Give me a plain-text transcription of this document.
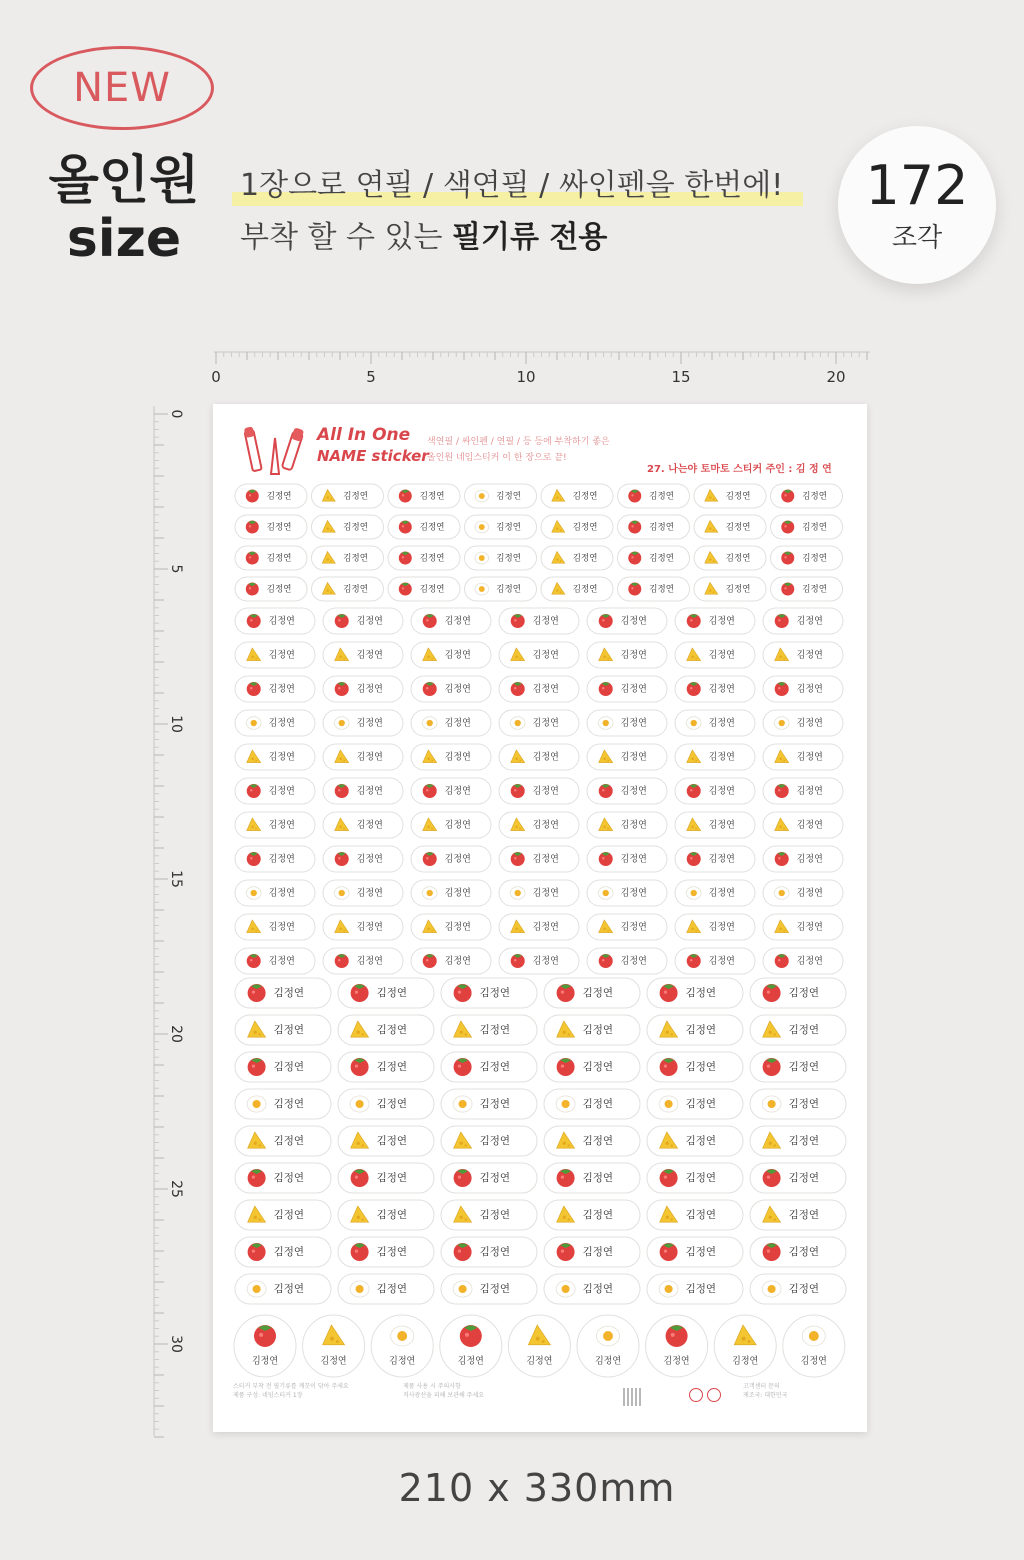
NEW
올인원
size
1장으로 연필 / 색연필 / 싸인펜을 한번에!
부착 할 수 있는 필기류 전용
172
조각
0	5	10	15	20
0
5
10
15
20
25
30
All In One
NAME sticker
색연필 / 싸인펜 / 연필 / 등 등에 부착하기 좋은
올인원 네임스티커 이 한 장으로 끝!
27. 나는야 토마토 스티커 주인 : 김 정 연
김정연	김정연	김정연	김정연	김정연	김정연	김정연	김정연
김정연	김정연	김정연	김정연	김정연	김정연	김정연	김정연
김정연	김정연	김정연	김정연	김정연	김정연	김정연	김정연
김정연	김정연	김정연	김정연	김정연	김정연	김정연	김정연
김정연	김정연	김정연	김정연	김정연	김정연	김정연
김정연	김정연	김정연	김정연	김정연	김정연	김정연
김정연	김정연	김정연	김정연	김정연	김정연	김정연
김정연	김정연	김정연	김정연	김정연	김정연	김정연
김정연	김정연	김정연	김정연	김정연	김정연	김정연
김정연	김정연	김정연	김정연	김정연	김정연	김정연
김정연	김정연	김정연	김정연	김정연	김정연	김정연
김정연	김정연	김정연	김정연	김정연	김정연	김정연
김정연	김정연	김정연	김정연	김정연	김정연	김정연
김정연	김정연	김정연	김정연	김정연	김정연	김정연
김정연	김정연	김정연	김정연	김정연	김정연	김정연
김정연	김정연	김정연	김정연	김정연	김정연
김정연	김정연	김정연	김정연	김정연	김정연
김정연	김정연	김정연	김정연	김정연	김정연
김정연	김정연	김정연	김정연	김정연	김정연
김정연	김정연	김정연	김정연	김정연	김정연
김정연	김정연	김정연	김정연	김정연	김정연
김정연	김정연	김정연	김정연	김정연	김정연
김정연	김정연	김정연	김정연	김정연	김정연
김정연	김정연	김정연	김정연	김정연	김정연
김정연	김정연	김정연	김정연	김정연	김정연	김정연	김정연	김정연
스티커 부착 전 필기류를 깨끗이 닦아 주세요
제품 구성: 네임스티커 1장
제품 사용 시 주의사항
직사광선을 피해 보관해 주세요
고객센터 문의
제조국: 대한민국
210 x 330mm
